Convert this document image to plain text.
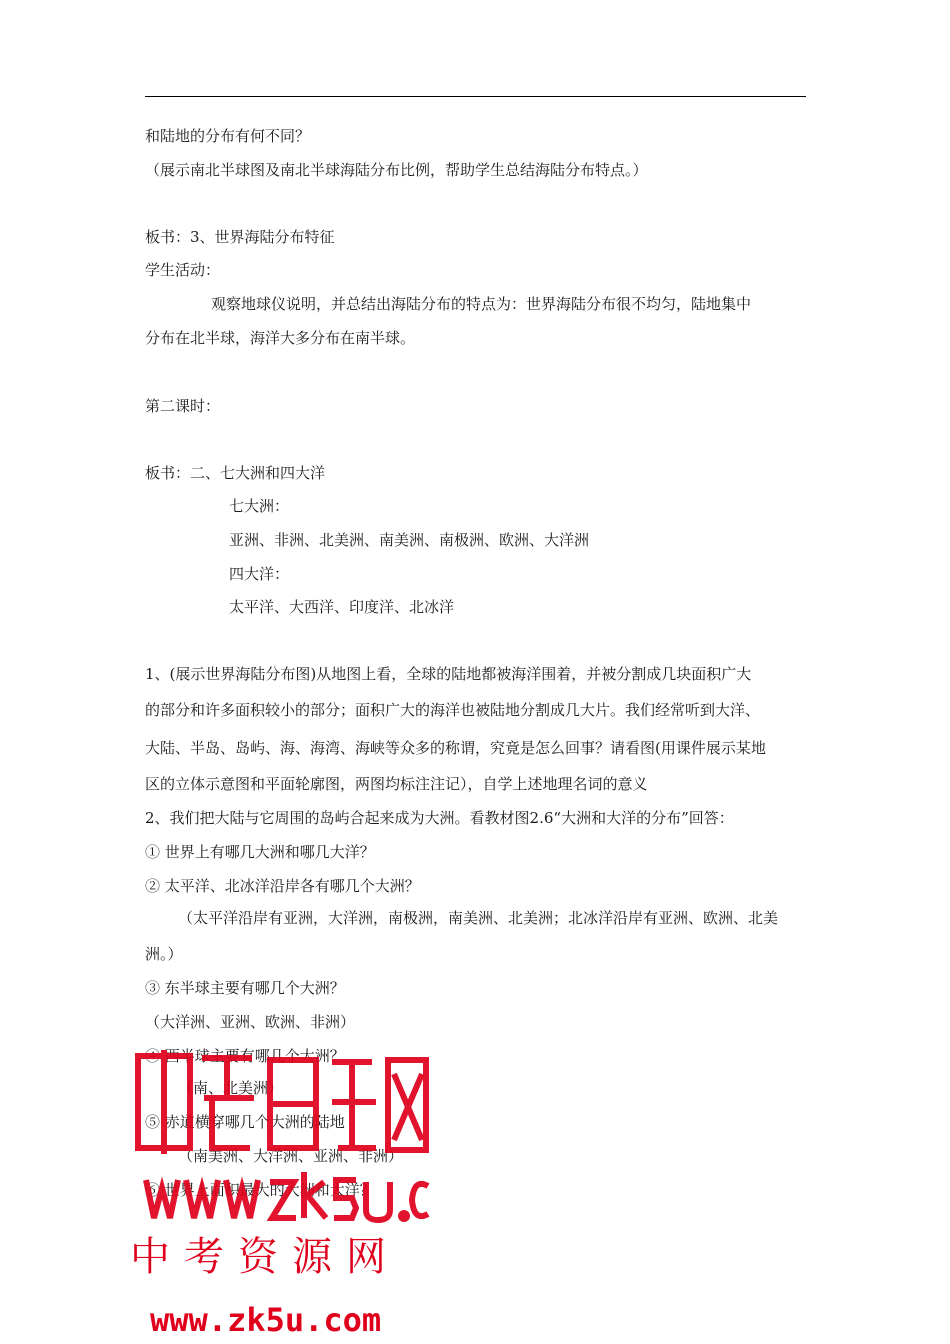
和陆地的分布有何不同？
（展示南北半球图及南北半球海陆分布比例，帮助学生总结海陆分布特点。）
板书：3、世界海陆分布特征
学生活动：
观察地球仪说明，并总结出海陆分布的特点为：世界海陆分布很不均匀，陆地集中
分布在北半球，海洋大多分布在南半球。
第二课时：
板书：二、七大洲和四大洋
七大洲：
亚洲、非洲、北美洲、南美洲、南极洲、欧洲、大洋洲
四大洋：
太平洋、大西洋、印度洋、北冰洋
1、(展示世界海陆分布图)从地图上看，全球的陆地都被海洋围着，并被分割成几块面积广大
的部分和许多面积较小的部分；面积广大的海洋也被陆地分割成几大片。我们经常听到大洋、
大陆、半岛、岛屿、海、海湾、海峡等众多的称谓，究竟是怎么回事？请看图(用课件展示某地
区的立体示意图和平面轮廓图，两图均标注注记），自学上述地理名词的意义
2、我们把大陆与它周围的岛屿合起来成为大洲。看教材图2.6“大洲和大洋的分布”回答：
① 世界上有哪几大洲和哪几大洋？
② 太平洋、北冰洋沿岸各有哪几个大洲？
（太平洋沿岸有亚洲，大洋洲，南极洲，南美洲、北美洲；北冰洋沿岸有亚洲、欧洲、北美
洲。）
③ 东半球主要有哪几个大洲？
（大洋洲、亚洲、欧洲、非洲）
④ 西半球主要有哪几个大洲？
（南、北美洲）
⑤ 赤道横穿哪几个大洲的陆地
（南美洲、大洋洲、亚洲、非洲）
⑥ 世界上面积最大的大洲和大洋？
中考资源网
www.zk5u.com
